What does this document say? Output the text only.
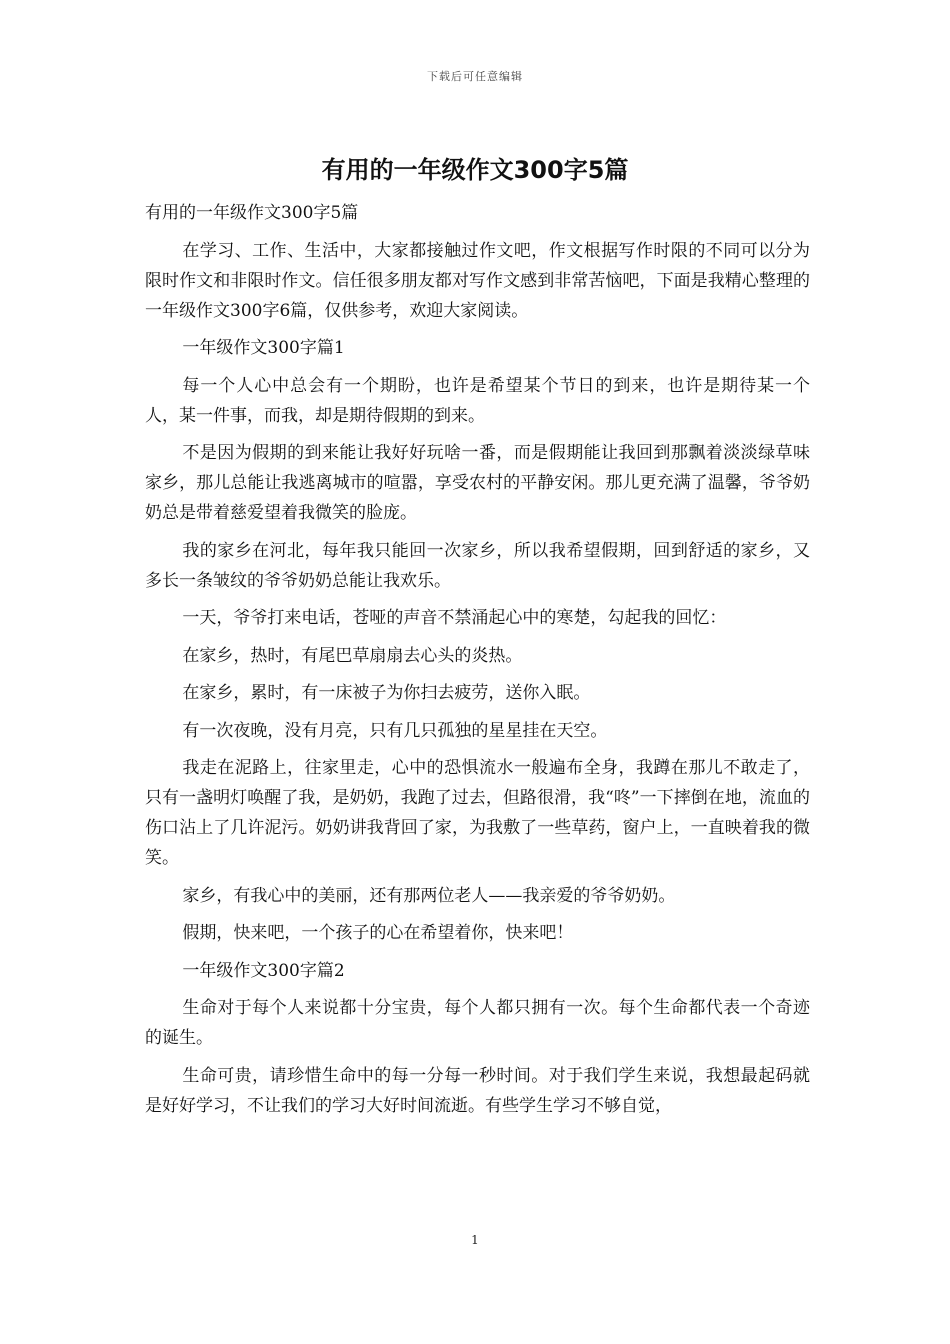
下载后可任意编辑
有用的一年级作文300字5篇

有用的一年级作文300字5篇

在学习、工作、生活中，大家都接触过作文吧，作文根据写作时限的不同可以分为限时作文和非限时作文。信任很多朋友都对写作文感到非常苦恼吧，下面是我精心整理的一年级作文300字6篇，仅供参考，欢迎大家阅读。

一年级作文300字篇1

每一个人心中总会有一个期盼，也许是希望某个节日的到来，也许是期待某一个人，某一件事，而我，却是期待假期的到来。

不是因为假期的到来能让我好好玩啥一番，而是假期能让我回到那飘着淡淡绿草味家乡，那儿总能让我逃离城市的喧嚣，享受农村的平静安闲。那儿更充满了温馨，爷爷奶奶总是带着慈爱望着我微笑的脸庞。

我的家乡在河北，每年我只能回一次家乡，所以我希望假期，回到舒适的家乡，又多长一条皱纹的爷爷奶奶总能让我欢乐。

一天，爷爷打来电话，苍哑的声音不禁涌起心中的寒楚，勾起我的回忆：

在家乡，热时，有尾巴草扇扇去心头的炎热。

在家乡，累时，有一床被子为你扫去疲劳，送你入眠。

有一次夜晚，没有月亮，只有几只孤独的星星挂在天空。

我走在泥路上，往家里走，心中的恐惧流水一般遍布全身，我蹲在那儿不敢走了，只有一盏明灯唤醒了我，是奶奶，我跑了过去，但路很滑，我“咚”一下摔倒在地，流血的伤口沾上了几许泥污。奶奶讲我背回了家，为我敷了一些草药，窗户上，一直映着我的微笑。

家乡，有我心中的美丽，还有那两位老人——我亲爱的爷爷奶奶。

假期，快来吧，一个孩子的心在希望着你，快来吧！

一年级作文300字篇2

生命对于每个人来说都十分宝贵，每个人都只拥有一次。每个生命都代表一个奇迹的诞生。

生命可贵，请珍惜生命中的每一分每一秒时间。对于我们学生来说，我想最起码就是好好学习，不让我们的学习大好时间流逝。有些学生学习不够自觉，

1
